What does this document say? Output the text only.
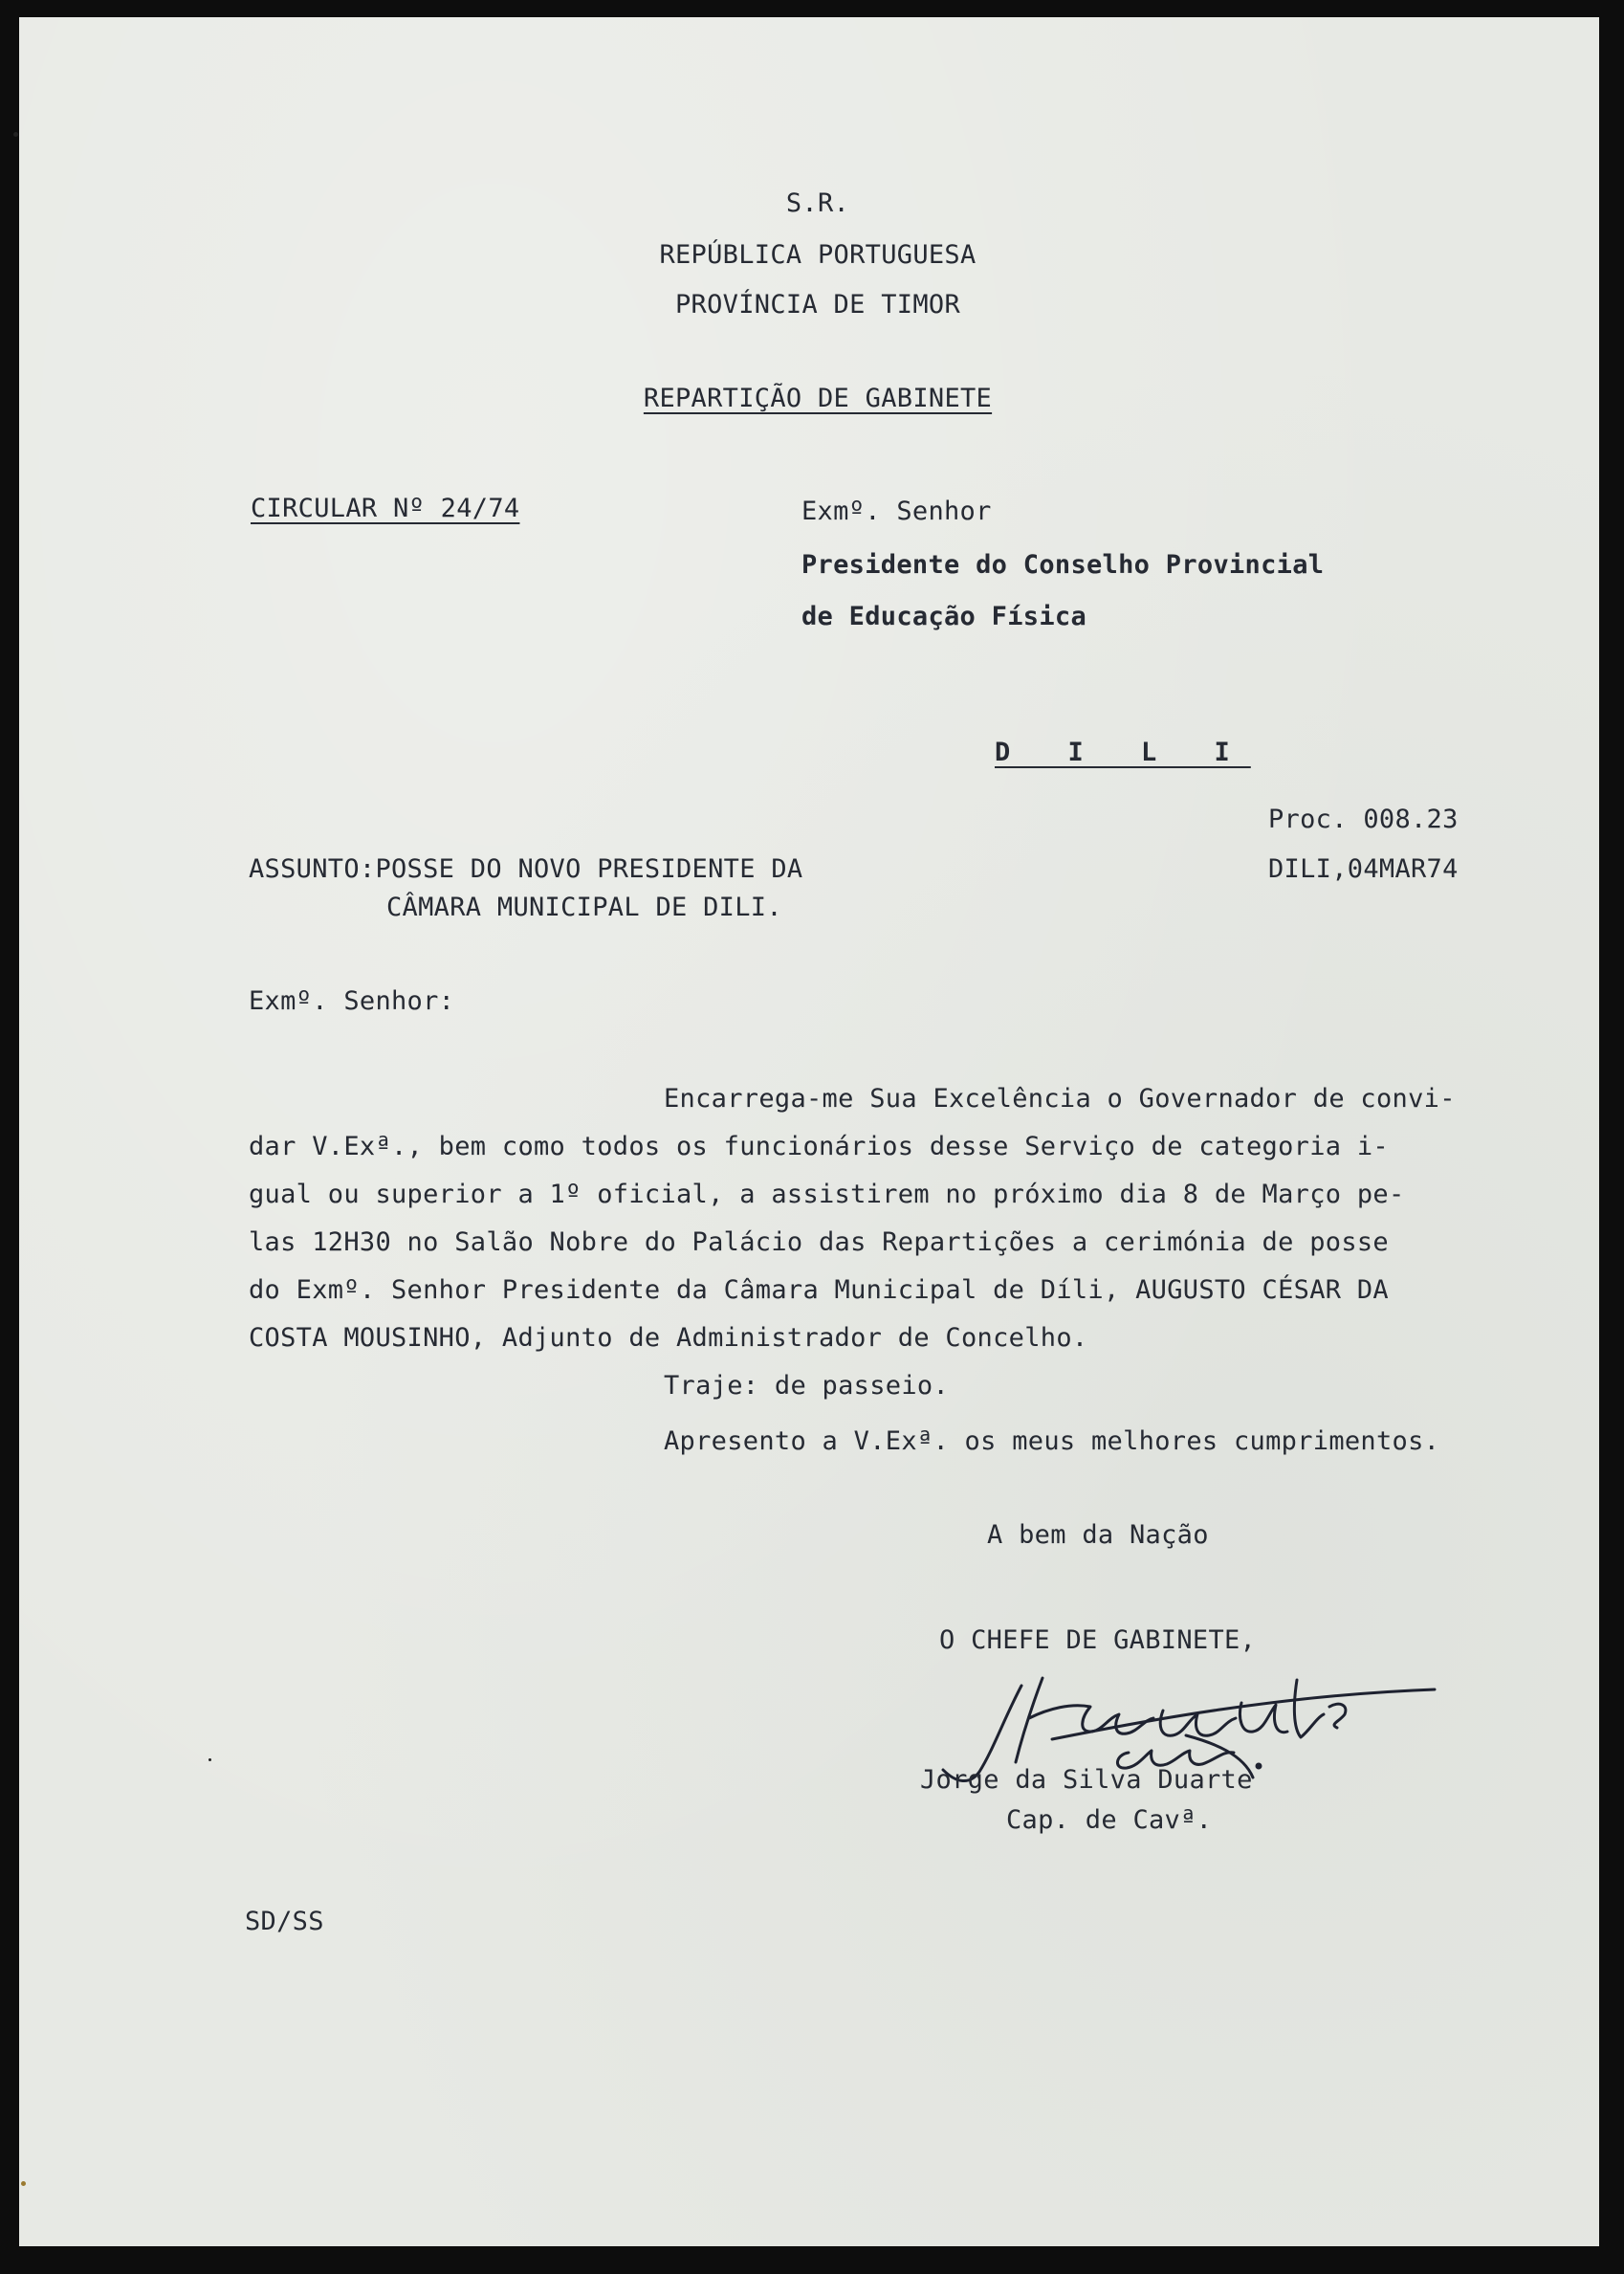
S.R.
REPÚBLICA PORTUGUESA
PROVÍNCIA DE TIMOR
REPARTIÇÃO DE GABINETE
CIRCULAR Nº 24/74	Exmº. Senhor
Presidente do Conselho Provincial
de Educação Física
D I L I
Proc. 008.23
DILI,04MAR74
ASSUNTO:POSSE DO NOVO PRESIDENTE DA
CÂMARA MUNICIPAL DE DILI.
Exmº. Senhor:
Encarrega-me Sua Excelência o Governador de convi-
dar V.Exª., bem como todos os funcionários desse Serviço de categoria i-
gual ou superior a 1º oficial, a assistirem no próximo dia 8 de Março pe-
las 12H30 no Salão Nobre do Palácio das Repartições a cerimónia de posse
do Exmº. Senhor Presidente da Câmara Municipal de Díli, AUGUSTO CÉSAR DA
COSTA MOUSINHO, Adjunto de Administrador de Concelho.
Traje: de passeio.
Apresento a V.Exª. os meus melhores cumprimentos.
A bem da Nação
O CHEFE DE GABINETE,
Jorge da Silva Duarte
Cap. de Cavª.
SD/SS
